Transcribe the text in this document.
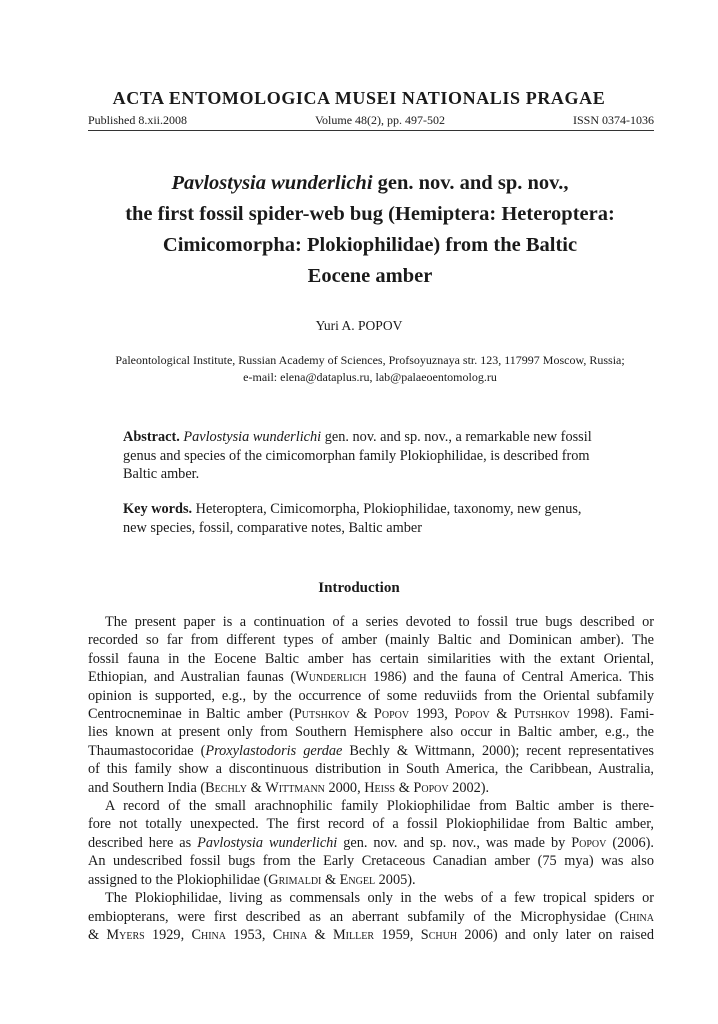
ACTA ENTOMOLOGICA MUSEI NATIONALIS PRAGAE
Published 8.xii.2008	Volume 48(2), pp. 497-502	ISSN 0374-1036
Pavlostysia wunderlichi gen. nov. and sp. nov.,
the first fossil spider-web bug (Hemiptera: Heteroptera:
Cimicomorpha: Plokiophilidae) from the Baltic
Eocene amber
Yuri A. POPOV
Paleontological Institute, Russian Academy of Sciences, Profsoyuznaya str. 123, 117997 Moscow, Russia;
e-mail: elena@dataplus.ru, lab@palaeoentomolog.ru
Abstract. Pavlostysia wunderlichi gen. nov. and sp. nov., a remarkable new fossil
genus and species of the cimicomorphan family Plokiophilidae, is described from
Baltic amber.
Key words. Heteroptera, Cimicomorpha, Plokiophilidae, taxonomy, new genus,
new species, fossil, comparative notes, Baltic amber
Introduction
The present paper is a continuation of a series devoted to fossil true bugs described or
recorded so far from different types of amber (mainly Baltic and Dominican amber). The
fossil fauna in the Eocene Baltic amber has certain similarities with the extant Oriental,
Ethiopian, and Australian faunas (Wunderlich 1986) and the fauna of Central America. This
opinion is supported, e.g., by the occurrence of some reduviids from the Oriental subfamily
Centrocneminae in Baltic amber (Putshkov & Popov 1993, Popov & Putshkov 1998). Fami-
lies known at present only from Southern Hemisphere also occur in Baltic amber, e.g., the
Thaumastocoridae (Proxylastodoris gerdae Bechly & Wittmann, 2000); recent representatives
of this family show a discontinuous distribution in South America, the Caribbean, Australia,
and Southern India (Bechly & Wittmann 2000, Heiss & Popov 2002).
A record of the small arachnophilic family Plokiophilidae from Baltic amber is there-
fore not totally unexpected. The first record of a fossil Plokiophilidae from Baltic amber,
described here as Pavlostysia wunderlichi gen. nov. and sp. nov., was made by Popov (2006).
An undescribed fossil bugs from the Early Cretaceous Canadian amber (75 mya) was also
assigned to the Plokiophilidae (Grimaldi & Engel 2005).
The Plokiophilidae, living as commensals only in the webs of a few tropical spiders or
embiopterans, were first described as an aberrant subfamily of the Microphysidae (China
& Myers 1929, China 1953, China & Miller 1959, Schuh 2006) and only later on raised
